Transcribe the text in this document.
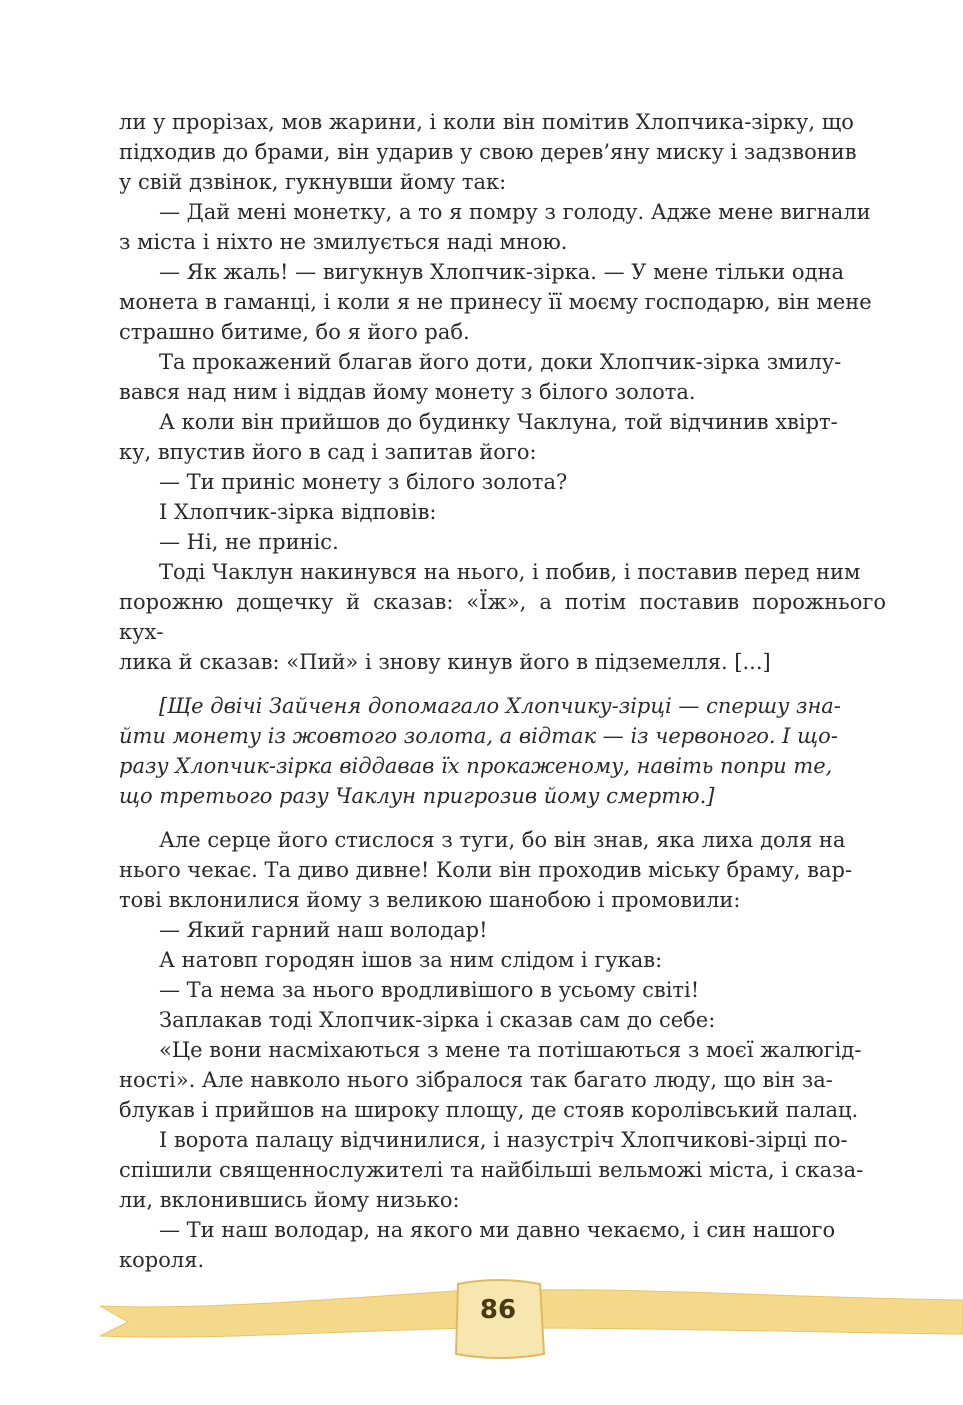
ли у прорізах, мов жарини, і коли він помітив Хлопчика-зірку, що
підходив до брами, він ударив у свою дерев’яну миску і задзвонив
у свій дзвінок, гукнувши йому так:

— Дай мені монетку, а то я помру з голоду. Адже мене вигнали
з міста і ніхто не змилується наді мною.

— Як жаль! — вигукнув Хлопчик-зірка. — У мене тільки одна
монета в гаманці, і коли я не принесу її моєму господарю, він мене
страшно битиме, бо я його раб.

Та прокажений благав його доти, доки Хлопчик-зірка змилу-
вався над ним і віддав йому монету з білого золота.

А коли він прийшов до будинку Чаклуна, той відчинив хвірт-
ку, впустив його в сад і запитав його:

— Ти приніс монету з білого золота?

І Хлопчик-зірка відповів:

— Ні, не приніс.

Тоді Чаклун накинувся на нього, і побив, і поставив перед ним
порожню дощечку й сказав: «Їж», а потім поставив порожнього кух-
лика й сказав: «Пий» і знову кинув його в підземелля. [...]

[Ще двічі Зайченя допомагало Хлопчику-зірці — спершу зна-
йти монету із жовтого золота, а відтак — із червоного. І що-
разу Хлопчик-зірка віддавав їх прокаженому, навіть попри те,
що третього разу Чаклун пригрозив йому смертю.]

Але серце його стислося з туги, бо він знав, яка лиха доля на
нього чекає. Та диво дивне! Коли він проходив міську браму, вар-
тові вклонилися йому з великою шанобою і промовили:

— Який гарний наш володар!

А натовп городян ішов за ним слідом і гукав:

— Та нема за нього вродливішого в усьому світі!

Заплакав тоді Хлопчик-зірка і сказав сам до себе:

«Це вони насміхаються з мене та потішаються з моєї жалюгід-
ності». Але навколо нього зібралося так багато люду, що він за-
блукав і прийшов на широку площу, де стояв королівський палац.

І ворота палацу відчинилися, і назустріч Хлопчикові-зірці по-
спішили священнослужителі та найбільші вельможі міста, і сказа-
ли, вклонившись йому низько:

— Ти наш володар, на якого ми давно чекаємо, і син нашого
короля.

86
